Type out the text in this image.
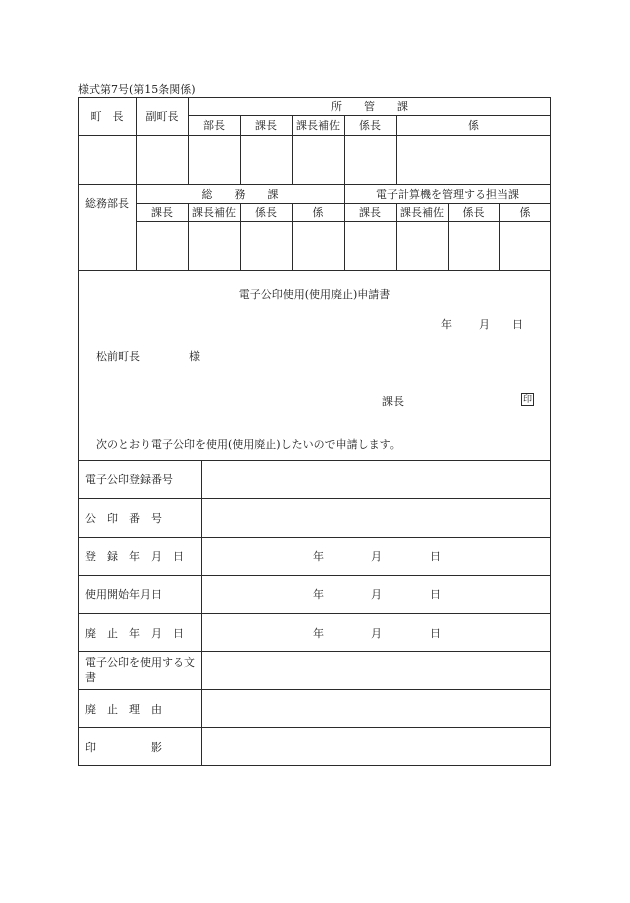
様式第7号(第15条関係)
町　長	副町長
所　　管　　課
部長	課長	課長補佐	係長	係
総務部長
総　　務　　課	電子計算機を管理する担当課
課長	課長補佐	係長	係	課長	課長補佐	係長	係
電子公印使用(使用廃止)申請書
年 月 日
松前町長	様
課長	印
次のとおり電子公印を使用(使用廃止)したいので申請します。
電子公印登録番号
公　印　番　号
登　録　年　月　日	年	月	日
使用開始年月日	年	月	日
廃　止　年　月　日	年	月	日
電子公印を使用する文書
廃　止　理　由
印　　　　　影
